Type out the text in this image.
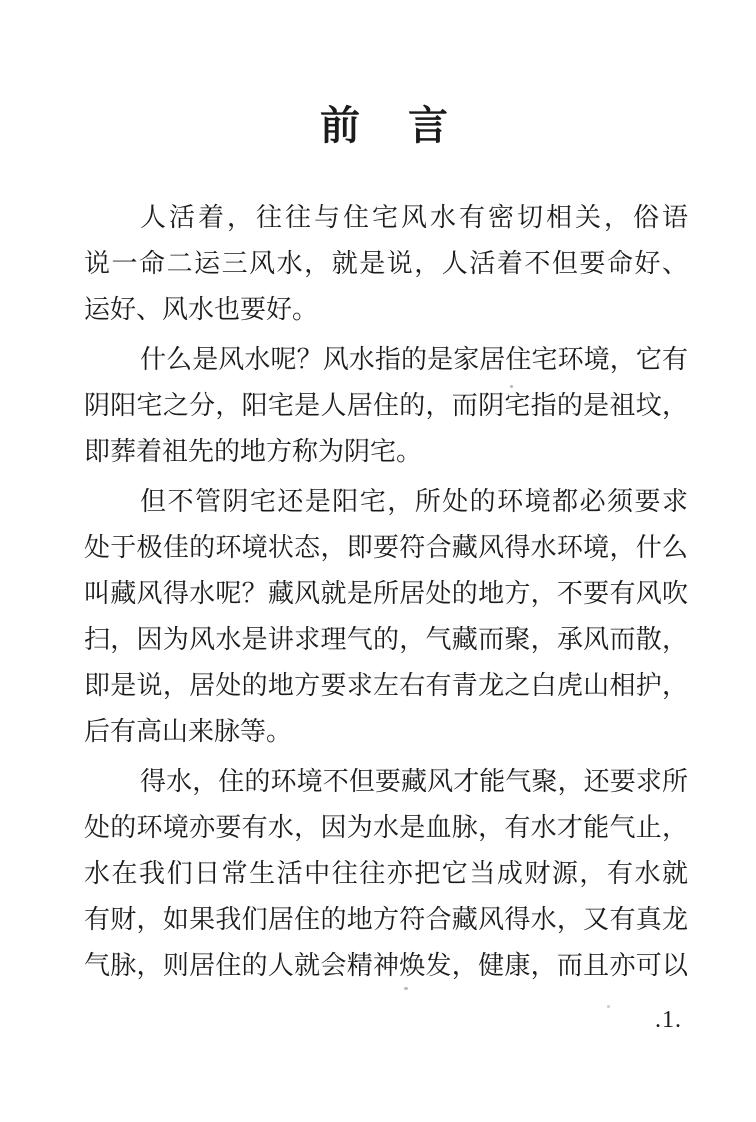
前　言
人活着，往往与住宅风水有密切相关，俗语
说一命二运三风水，就是说，人活着不但要命好、
运好、风水也要好。
什么是风水呢？风水指的是家居住宅环境，它有
阴阳宅之分，阳宅是人居住的，而阴宅指的是祖坟，
即葬着祖先的地方称为阴宅。
但不管阴宅还是阳宅，所处的环境都必须要求
处于极佳的环境状态，即要符合藏风得水环境，什么
叫藏风得水呢？藏风就是所居处的地方，不要有风吹
扫，因为风水是讲求理气的，气藏而聚，承风而散，
即是说，居处的地方要求左右有青龙之白虎山相护，
后有高山来脉等。
得水，住的环境不但要藏风才能气聚，还要求所
处的环境亦要有水，因为水是血脉，有水才能气止，
水在我们日常生活中往往亦把它当成财源，有水就
有财，如果我们居住的地方符合藏风得水，又有真龙
气脉，则居住的人就会精神焕发，健康，而且亦可以
.1.
